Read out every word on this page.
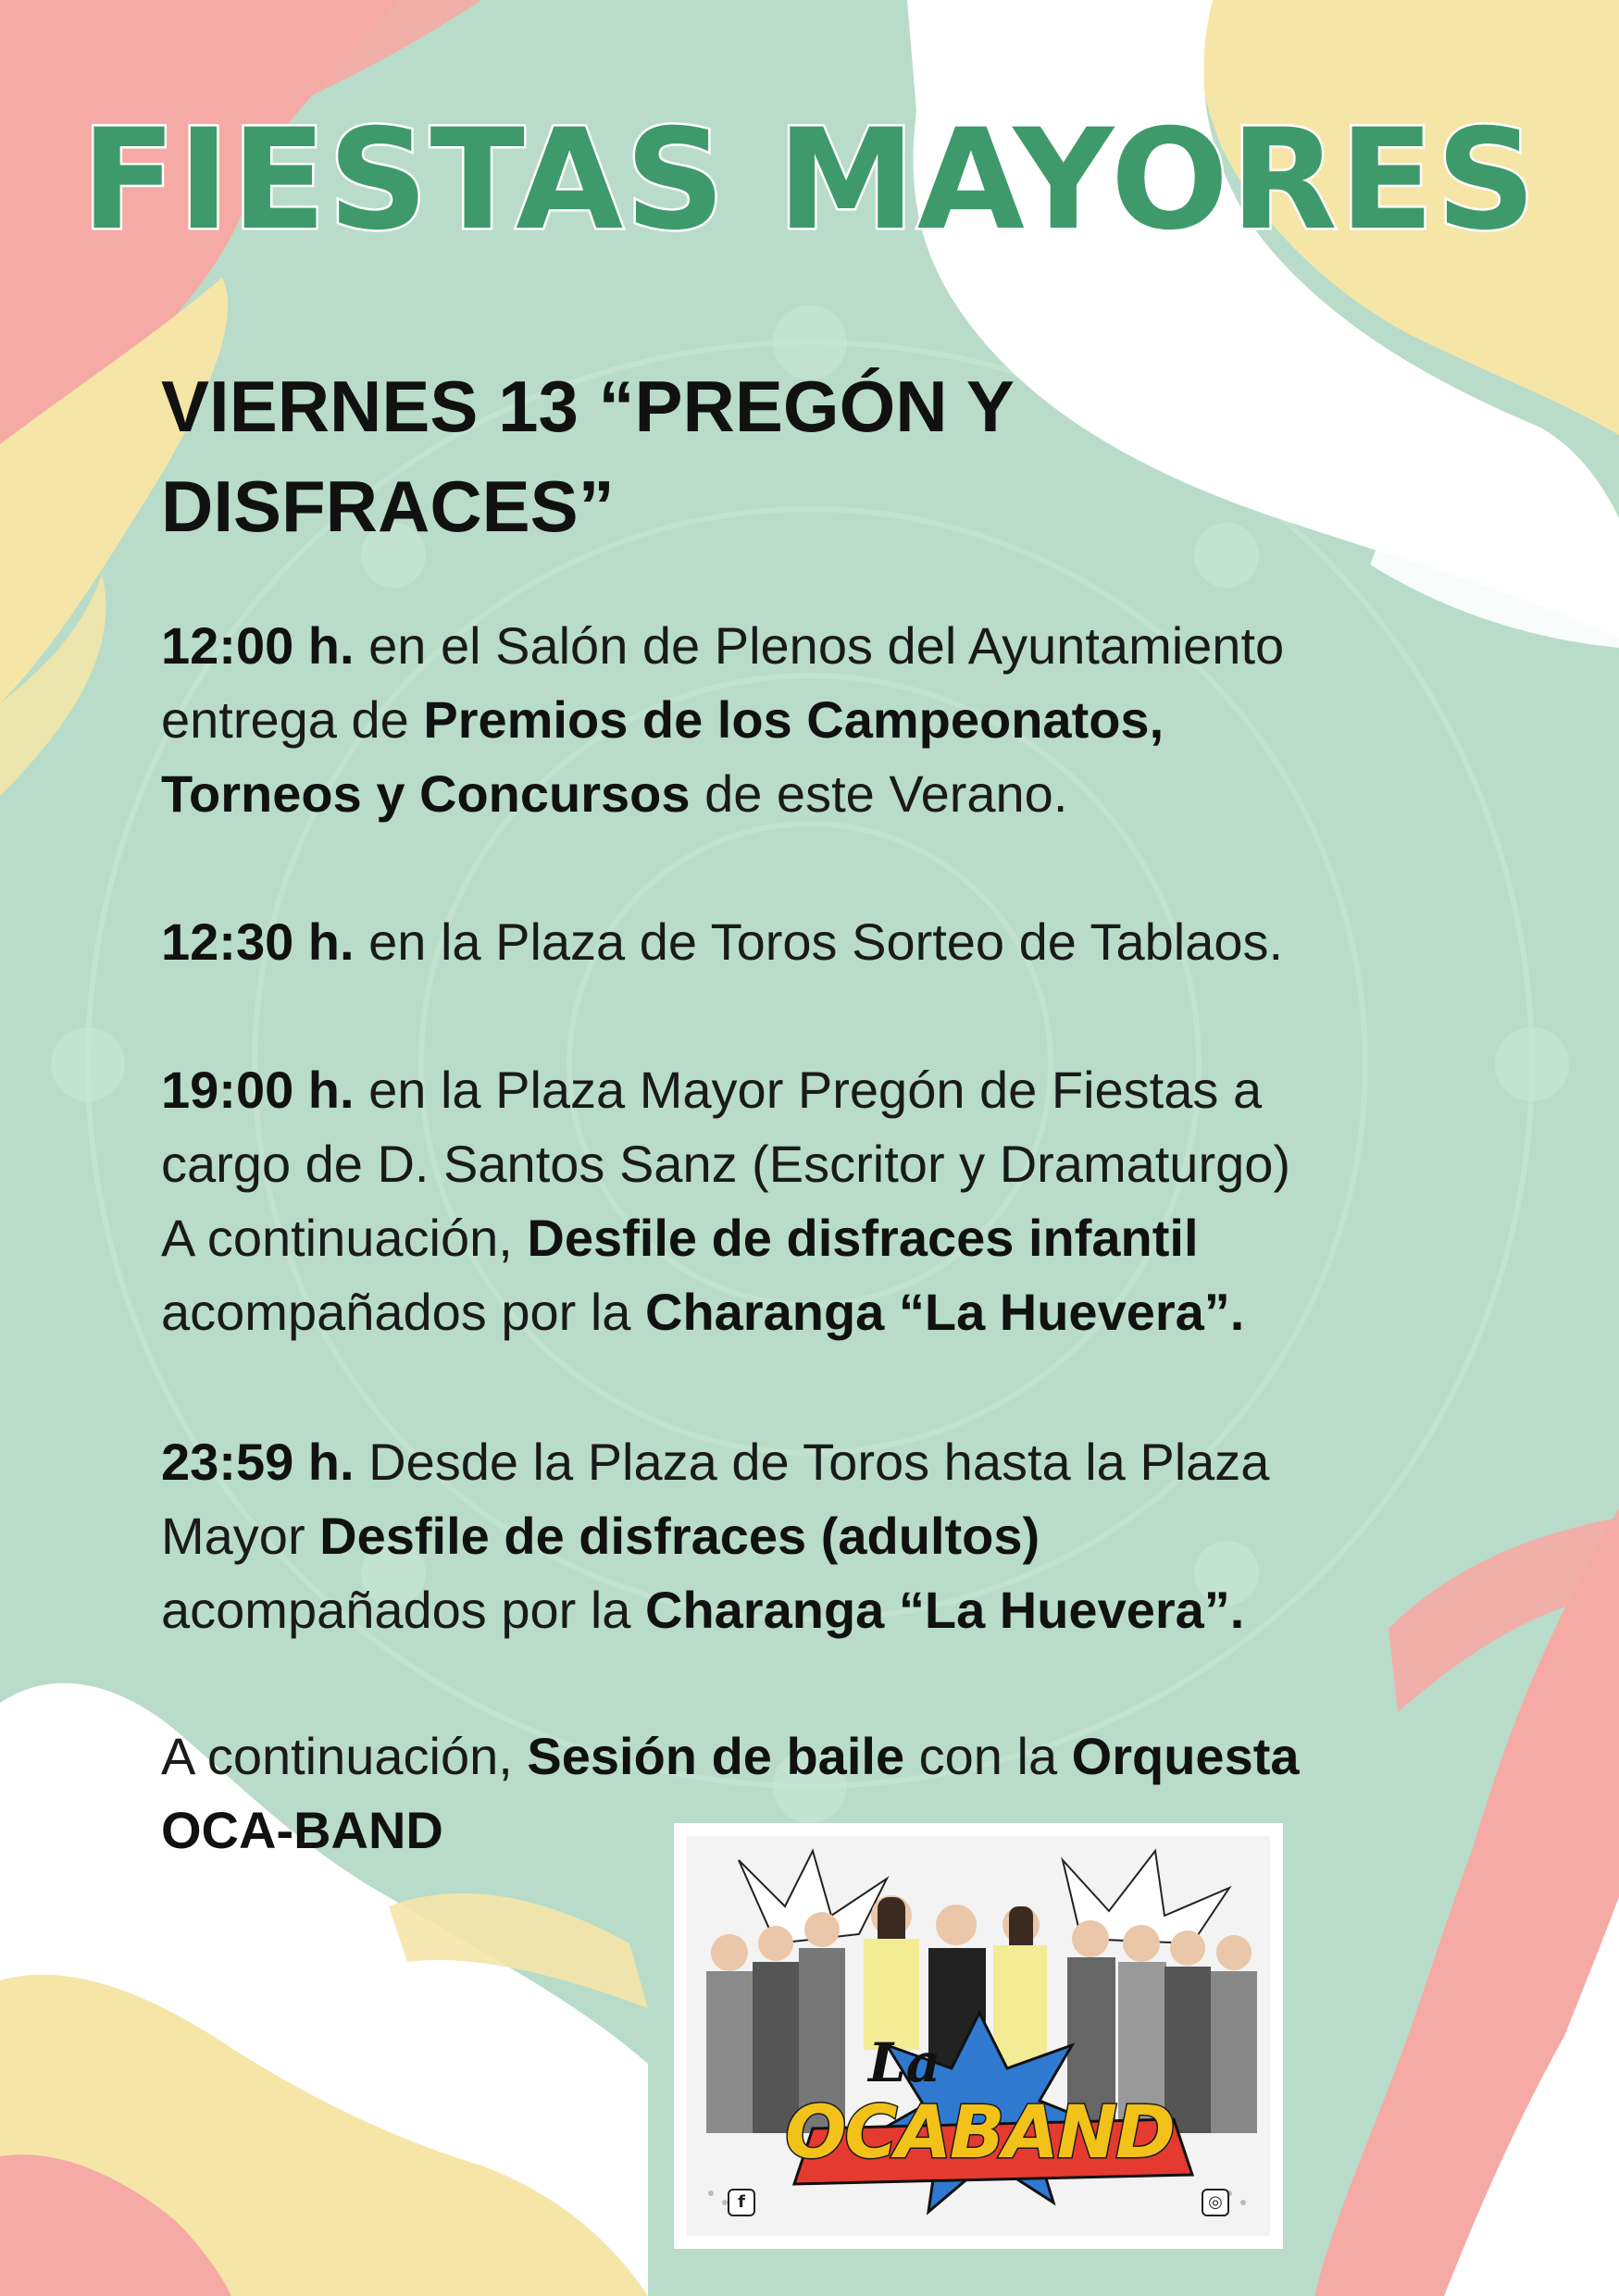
FIESTAS MAYORES
VIERNES 13 “PREGÓN Y
DISFRACES”
12:00 h. en el Salón de Plenos del Ayuntamiento
entrega de Premios de los Campeonatos,
Torneos y Concursos de este Verano.
12:30 h. en la Plaza de Toros Sorteo de Tablaos.
19:00 h. en la Plaza Mayor Pregón de Fiestas a
cargo de D. Santos Sanz (Escritor y Dramaturgo)
A continuación, Desfile de disfraces infantil
acompañados por la Charanga “La Huevera”.
23:59 h. Desde la Plaza de Toros hasta la Plaza
Mayor Desfile de disfraces (adultos)
acompañados por la Charanga “La Huevera”.
A continuación, Sesión de baile con la Orquesta
OCA-BAND
La
OCABAND
f	◎
